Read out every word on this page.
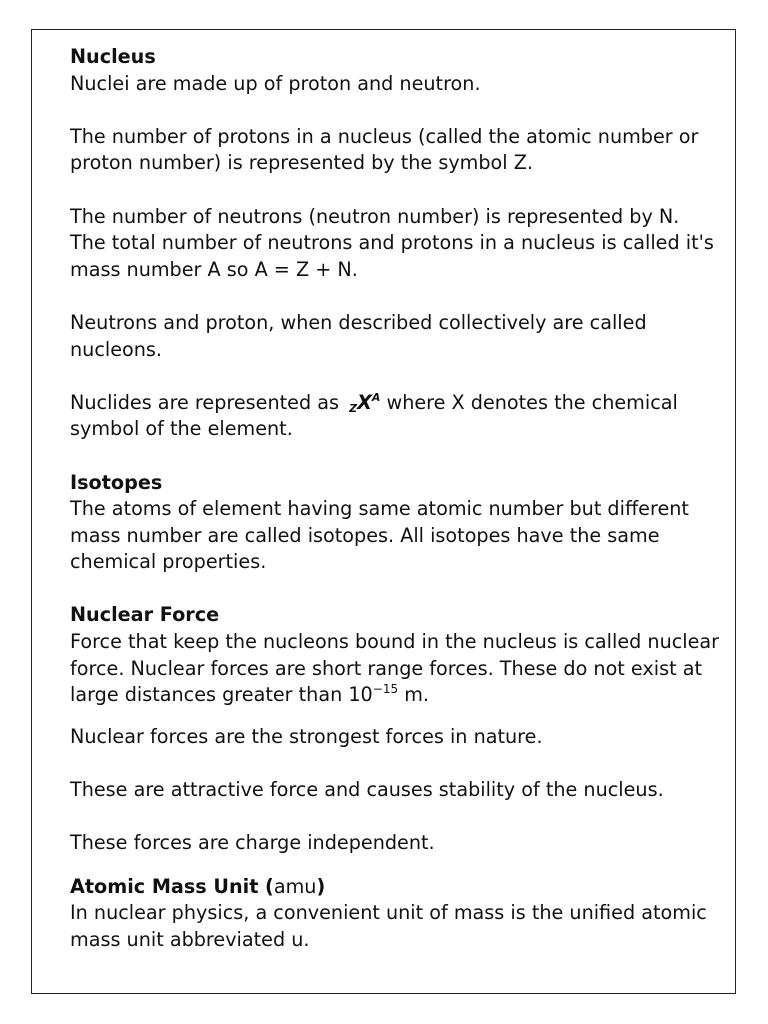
Nucleus

Nuclei are made up of proton and neutron.

The number of protons in a nucleus (called the atomic number or proton number) is represented by the symbol Z.

The number of neutrons (neutron number) is represented by N. The total number of neutrons and protons in a nucleus is called it's mass number A so A = Z + N.

Neutrons and proton, when described collectively are called nucleons.

Nuclides are represented as $_ZX^A$ where X denotes the chemical symbol of the element.

Isotopes

The atoms of element having same atomic number but different mass number are called isotopes. All isotopes have the same chemical properties.

Nuclear Force

Force that keep the nucleons bound in the nucleus is called nuclear force. Nuclear forces are short range forces. These do not exist at large distances greater than $10^{-15}$ m.

Nuclear forces are the strongest forces in nature.

These are attractive force and causes stability of the nucleus.

These forces are charge independent.

Atomic Mass Unit (amu)

In nuclear physics, a convenient unit of mass is the unified atomic mass unit abbreviated u.
